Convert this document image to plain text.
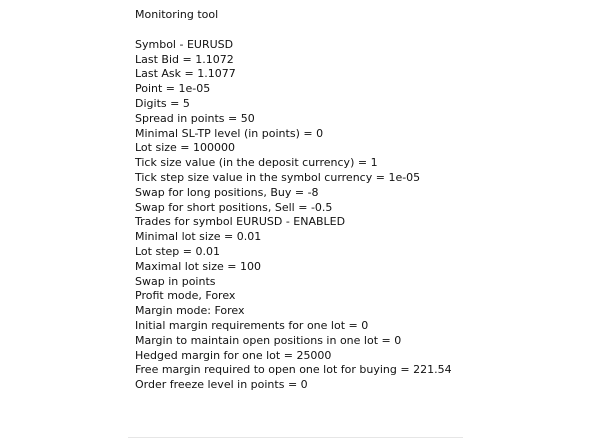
Monitoring tool
Symbol - EURUSD
Last Bid = 1.1072
Last Ask = 1.1077
Point = 1e-05
Digits = 5
Spread in points = 50
Minimal SL-TP level (in points) = 0
Lot size = 100000
Tick size value (in the deposit currency) = 1
Tick step size value in the symbol currency = 1e-05
Swap for long positions, Buy = -8
Swap for short positions, Sell = -0.5
Trades for symbol EURUSD - ENABLED
Minimal lot size = 0.01
Lot step = 0.01
Maximal lot size = 100
Swap in points
Profit mode, Forex
Margin mode: Forex
Initial margin requirements for one lot = 0
Margin to maintain open positions in one lot = 0
Hedged margin for one lot = 25000
Free margin required to open one lot for buying = 221.54
Order freeze level in points = 0
